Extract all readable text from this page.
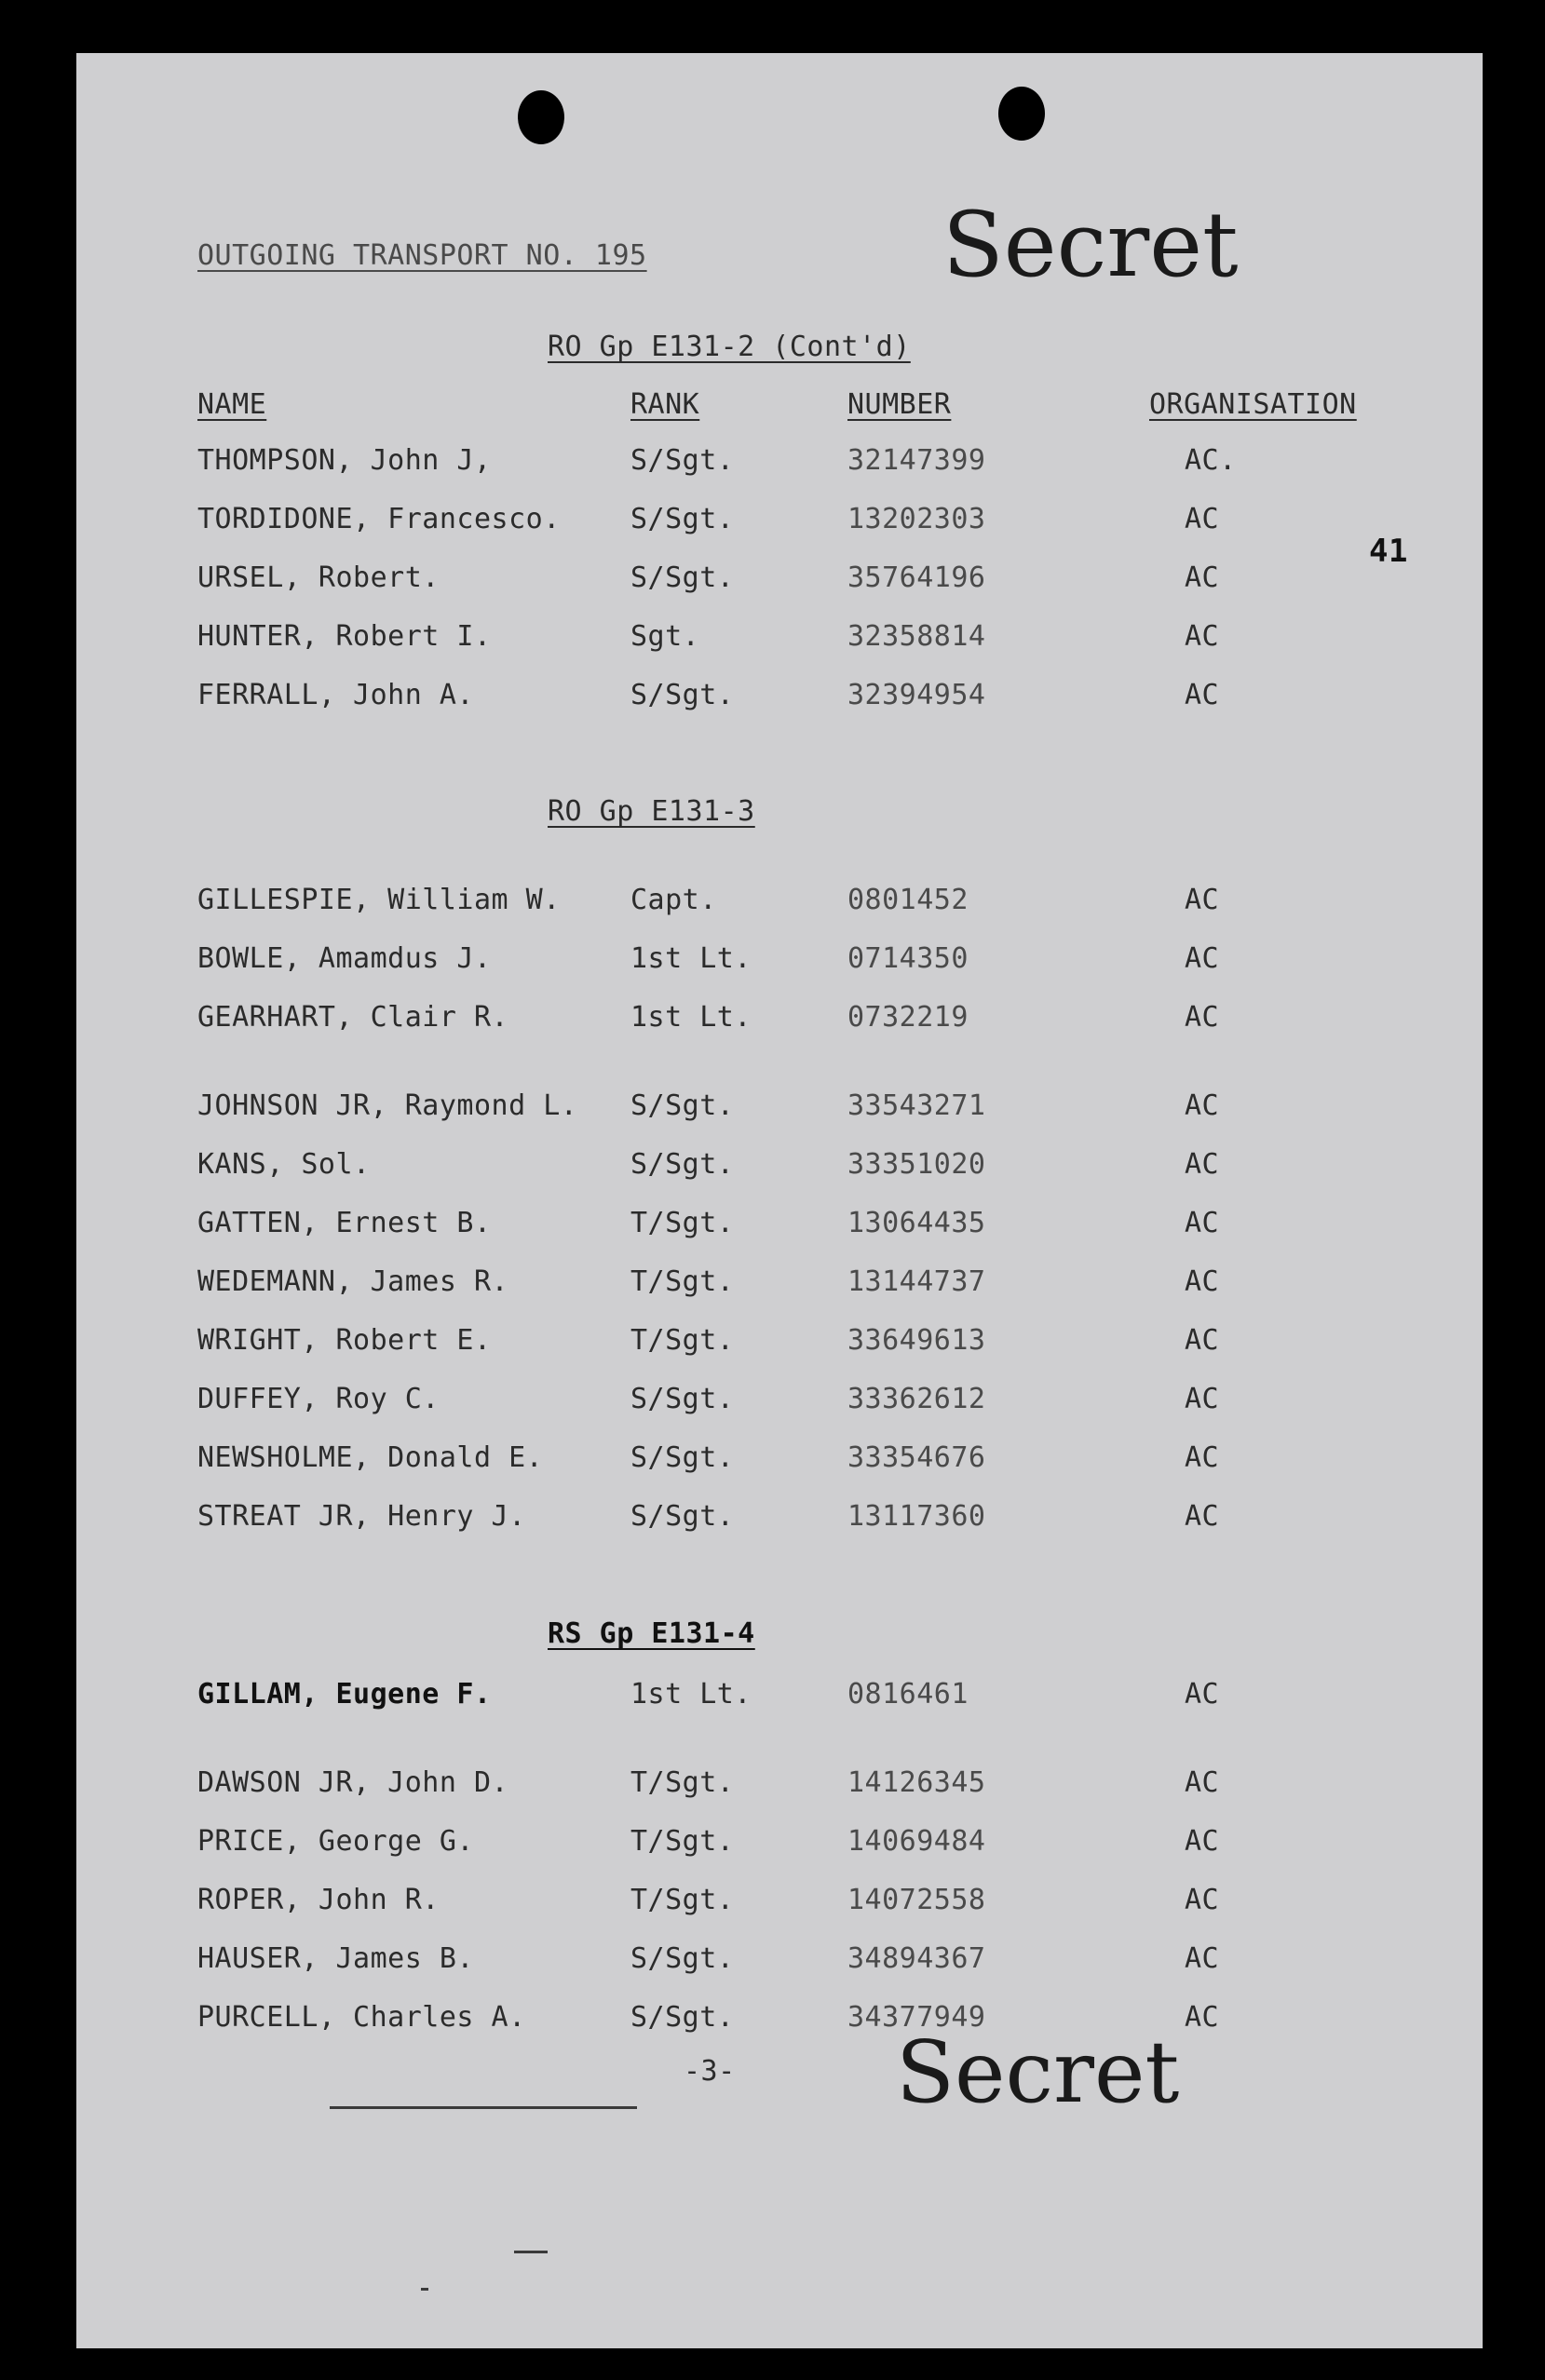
OUTGOING TRANSPORT NO. 195	Secret
41
RO Gp E131-2 (Cont'd)
NAME	RANK	NUMBER	ORGANISATION
THOMPSON, John J,	S/Sgt.	32147399	AC.
TORDIDONE, Francesco.	S/Sgt.	13202303	AC
URSEL, Robert.	S/Sgt.	35764196	AC
HUNTER, Robert I.	Sgt.	32358814	AC
FERRALL, John A.	S/Sgt.	32394954	AC
RO Gp E131-3
GILLESPIE, William W.	Capt.	0801452	AC
BOWLE, Amamdus J.	1st Lt.	0714350	AC
GEARHART, Clair R.	1st Lt.	0732219	AC
JOHNSON JR, Raymond L. S/Sgt.	33543271	AC
KANS, Sol.	S/Sgt.	33351020	AC
GATTEN, Ernest B.	T/Sgt.	13064435	AC
WEDEMANN, James R.	T/Sgt.	13144737	AC
WRIGHT, Robert E.	T/Sgt.	33649613	AC
DUFFEY, Roy C.	S/Sgt.	33362612	AC
NEWSHOLME, Donald E.	S/Sgt.	33354676	AC
STREAT JR, Henry J.	S/Sgt.	13117360	AC
RS Gp E131-4
GILLAM, Eugene F.	1st Lt.	0816461	AC
DAWSON JR, John D.	T/Sgt.	14126345	AC
PRICE, George G.	T/Sgt.	14069484	AC
ROPER, John R.	T/Sgt.	14072558	AC
HAUSER, James B.	S/Sgt.	34894367	AC
PURCELL, Charles A.	S/Sgt.	34377949	AC
-3- Secret
